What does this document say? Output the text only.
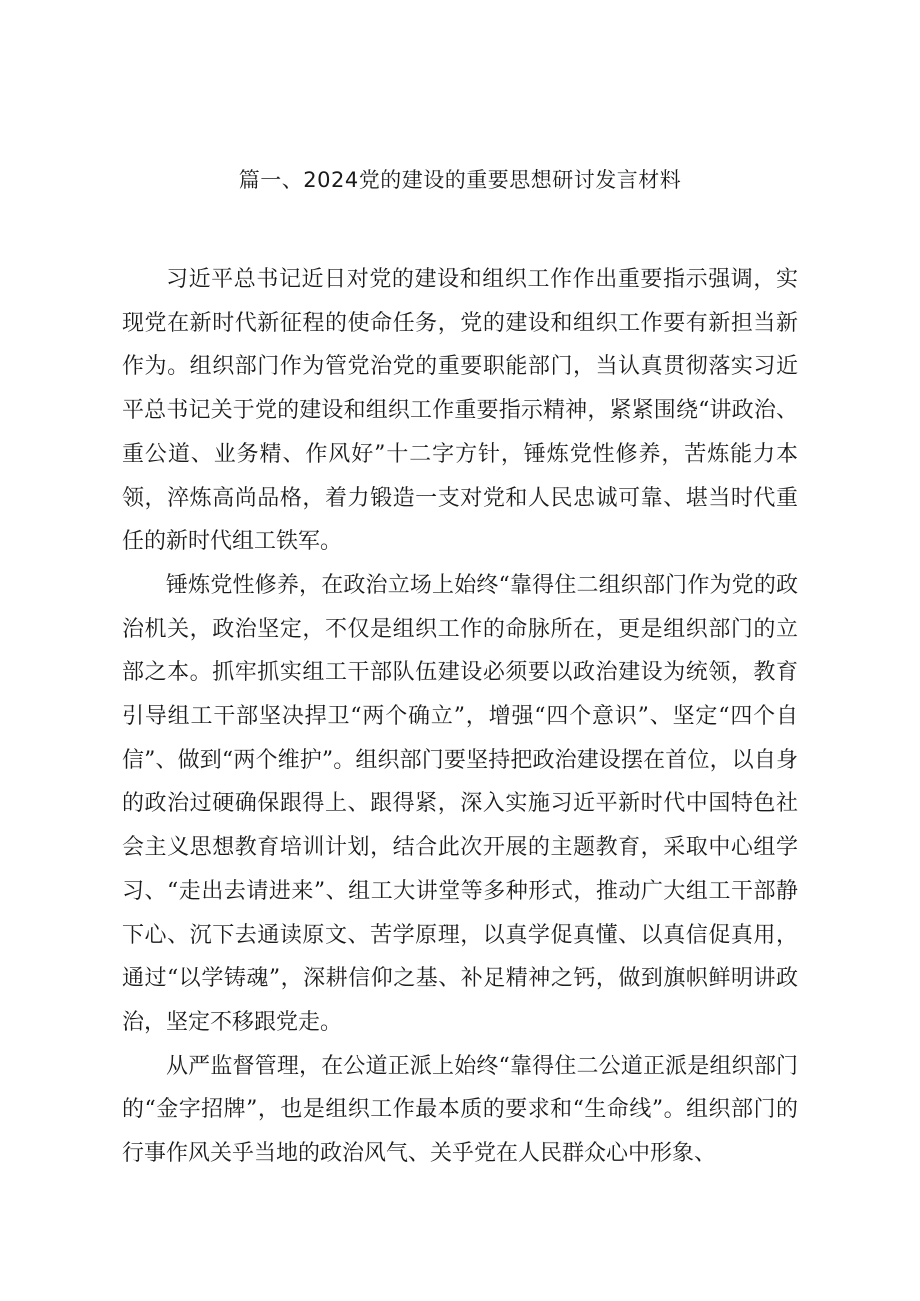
篇一、2024党的建设的重要思想研讨发言材料

习近平总书记近日对党的建设和组织工作作出重要指示强调，实现党在新时代新征程的使命任务，党的建设和组织工作要有新担当新作为。组织部门作为管党治党的重要职能部门，当认真贯彻落实习近平总书记关于党的建设和组织工作重要指示精神，紧紧围绕“讲政治、重公道、业务精、作风好”十二字方针，锤炼党性修养，苦炼能力本领，淬炼高尚品格，着力锻造一支对党和人民忠诚可靠、堪当时代重任的新时代组工铁军。

锤炼党性修养，在政治立场上始终“靠得住二组织部门作为党的政治机关，政治坚定，不仅是组织工作的命脉所在，更是组织部门的立部之本。抓牢抓实组工干部队伍建设必须要以政治建设为统领，教育引导组工干部坚决捍卫“两个确立”，增强“四个意识”、坚定“四个自信”、做到“两个维护”。组织部门要坚持把政治建设摆在首位，以自身的政治过硬确保跟得上、跟得紧，深入实施习近平新时代中国特色社会主义思想教育培训计划，结合此次开展的主题教育，采取中心组学习、“走出去请进来”、组工大讲堂等多种形式，推动广大组工干部静下心、沉下去通读原文、苦学原理，以真学促真懂、以真信促真用，通过“以学铸魂”，深耕信仰之基、补足精神之钙，做到旗帜鲜明讲政治，坚定不移跟党走。

从严监督管理，在公道正派上始终“靠得住二公道正派是组织部门的“金字招牌”，也是组织工作最本质的要求和“生命线”。组织部门的行事作风关乎当地的政治风气、关乎党在人民群众心中形象、
